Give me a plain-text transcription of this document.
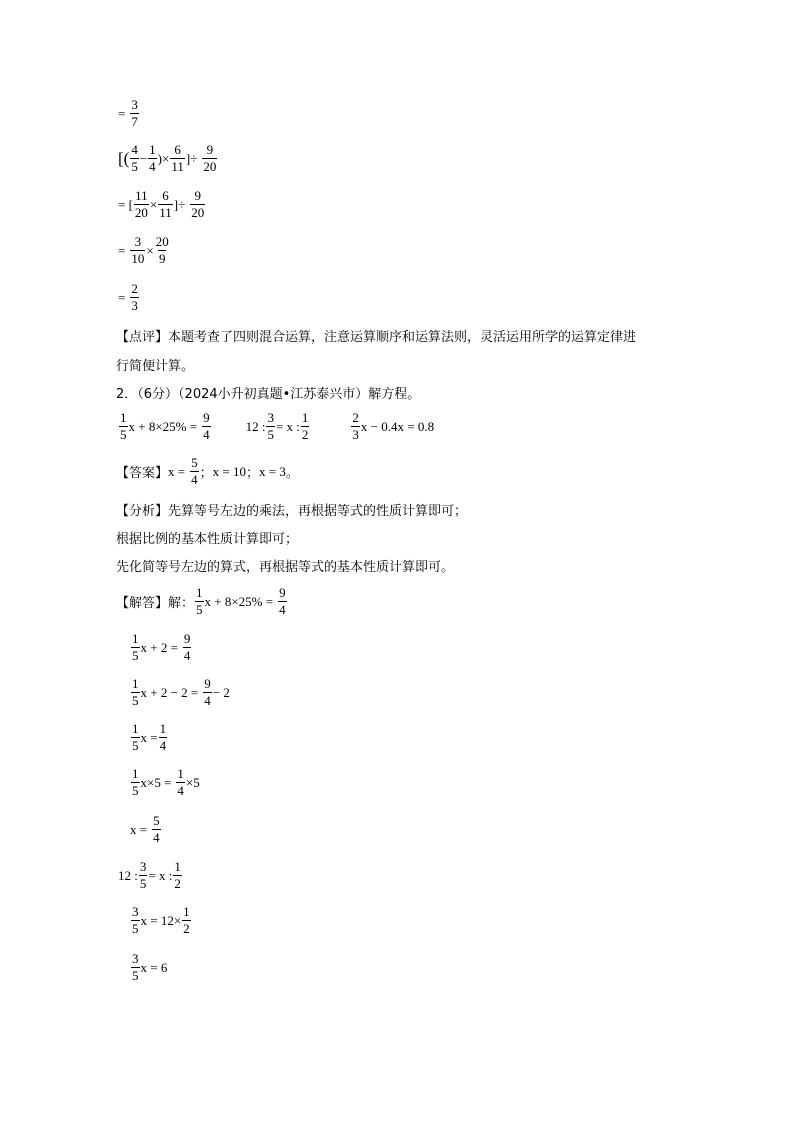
= $\frac{3}{7}$
[( $\frac{4}{5} - \frac{1}{4}$ )× $\frac{6}{11}$ ]÷ $\frac{9}{20}$
= [ $\frac{11}{20} \times \frac{6}{11}$ ]÷ $\frac{9}{20}$
= $\frac{3}{10} \times \frac{20}{9}$
= $\frac{2}{3}$
【点评】本题考查了四则混合运算，注意运算顺序和运算法则，灵活运用所学的运算定律进
行简便计算。
2．（6分）（2024小升初真题•江苏泰兴市）解方程。
$\frac{1}{5}$ $x + 8\times 25\% = \frac{9}{4}$	12 : $\frac{3}{5} = x$ : $\frac{1}{2}$	$\frac{2}{3}$ x − 0.4x = 0.8
【答案】 $x = \frac{5}{4}$ ； x = 10 ； x = 3 。
【分析】先算等号左边的乘法，再根据等式的性质计算即可；
根据比例的基本性质计算即可；
先化简等号左边的算式，再根据等式的基本性质计算即可。
【解答】解： $\frac{1}{5}$ $x + 8\times 25\% = \frac{9}{4}$
$\frac{1}{5}$ $x + 2 = \frac{9}{4}$
$\frac{1}{5}$ $x + 2 - 2 = \frac{9}{4} - 2$
$\frac{1}{5}$ $x = \frac{1}{4}$
$\frac{1}{5} x\times 5 = \frac{1}{4} \times 5$
$x = \frac{5}{4}$
12 : $\frac{3}{5} = x$ : $\frac{1}{2}$
$\frac{3}{5}$ $x = 12\times \frac{1}{2}$
$\frac{3}{5}$ x = 6
